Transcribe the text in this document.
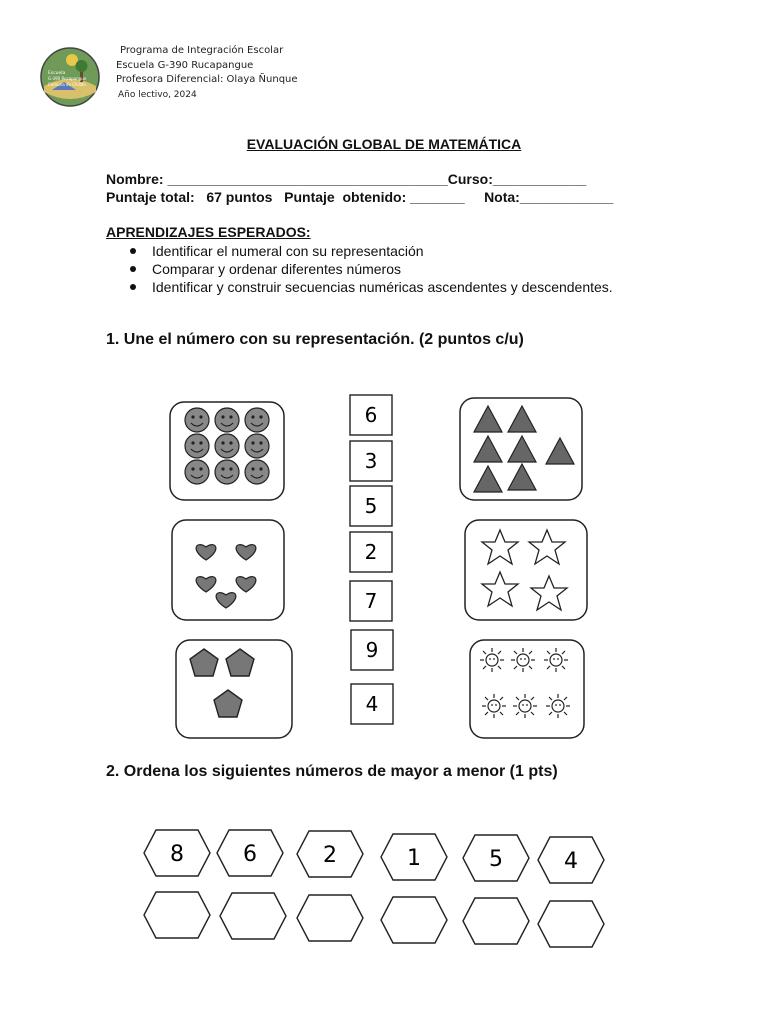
Escuela
G-390 Rucapangue
Comuna de Chillán
Programa de Integración Escolar
Escuela G-390 Rucapangue
Profesora Diferencial: Olaya Ñunque
Año lectivo, 2024
EVALUACIÓN GLOBAL DE MATEMÁTICA
Nombre: ____________________________________Curso:____________
Puntaje total:   67 puntos   Puntaje  obtenido: _______     Nota:____________
APRENDIZAJES ESPERADOS:
Identificar el numeral con su representación
Comparar y ordenar diferentes números
Identificar y construir secuencias numéricas ascendentes y descendentes.
1. Une el número con su representación. (2 puntos c/u)
6
3
5
2
7
9
4
2. Ordena los siguientes números de mayor a menor (1 pts)
8	6	2	1	5	4
